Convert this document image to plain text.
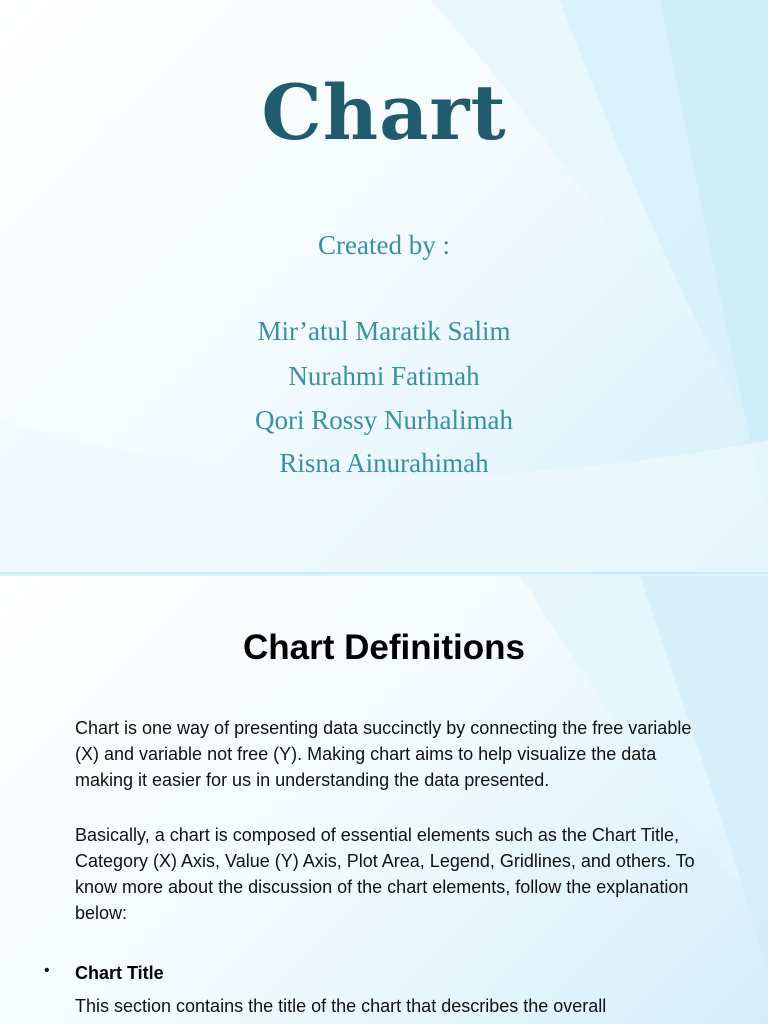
Chart
Created by :
Mir’atul Maratik Salim
Nurahmi Fatimah
Qori Rossy Nurhalimah
Risna Ainurahimah
Chart Definitions
Chart is one way of presenting data succinctly by connecting the free variable (X) and variable not free (Y). Making chart aims to help visualize the data making it easier for us in understanding the data presented.
Basically, a chart is composed of essential elements such as the Chart Title, Category (X) Axis, Value (Y) Axis, Plot Area, Legend, Gridlines, and others. To know more about the discussion of the chart elements, follow the explanation below:
• Chart Title
This section contains the title of the chart that describes the overall
